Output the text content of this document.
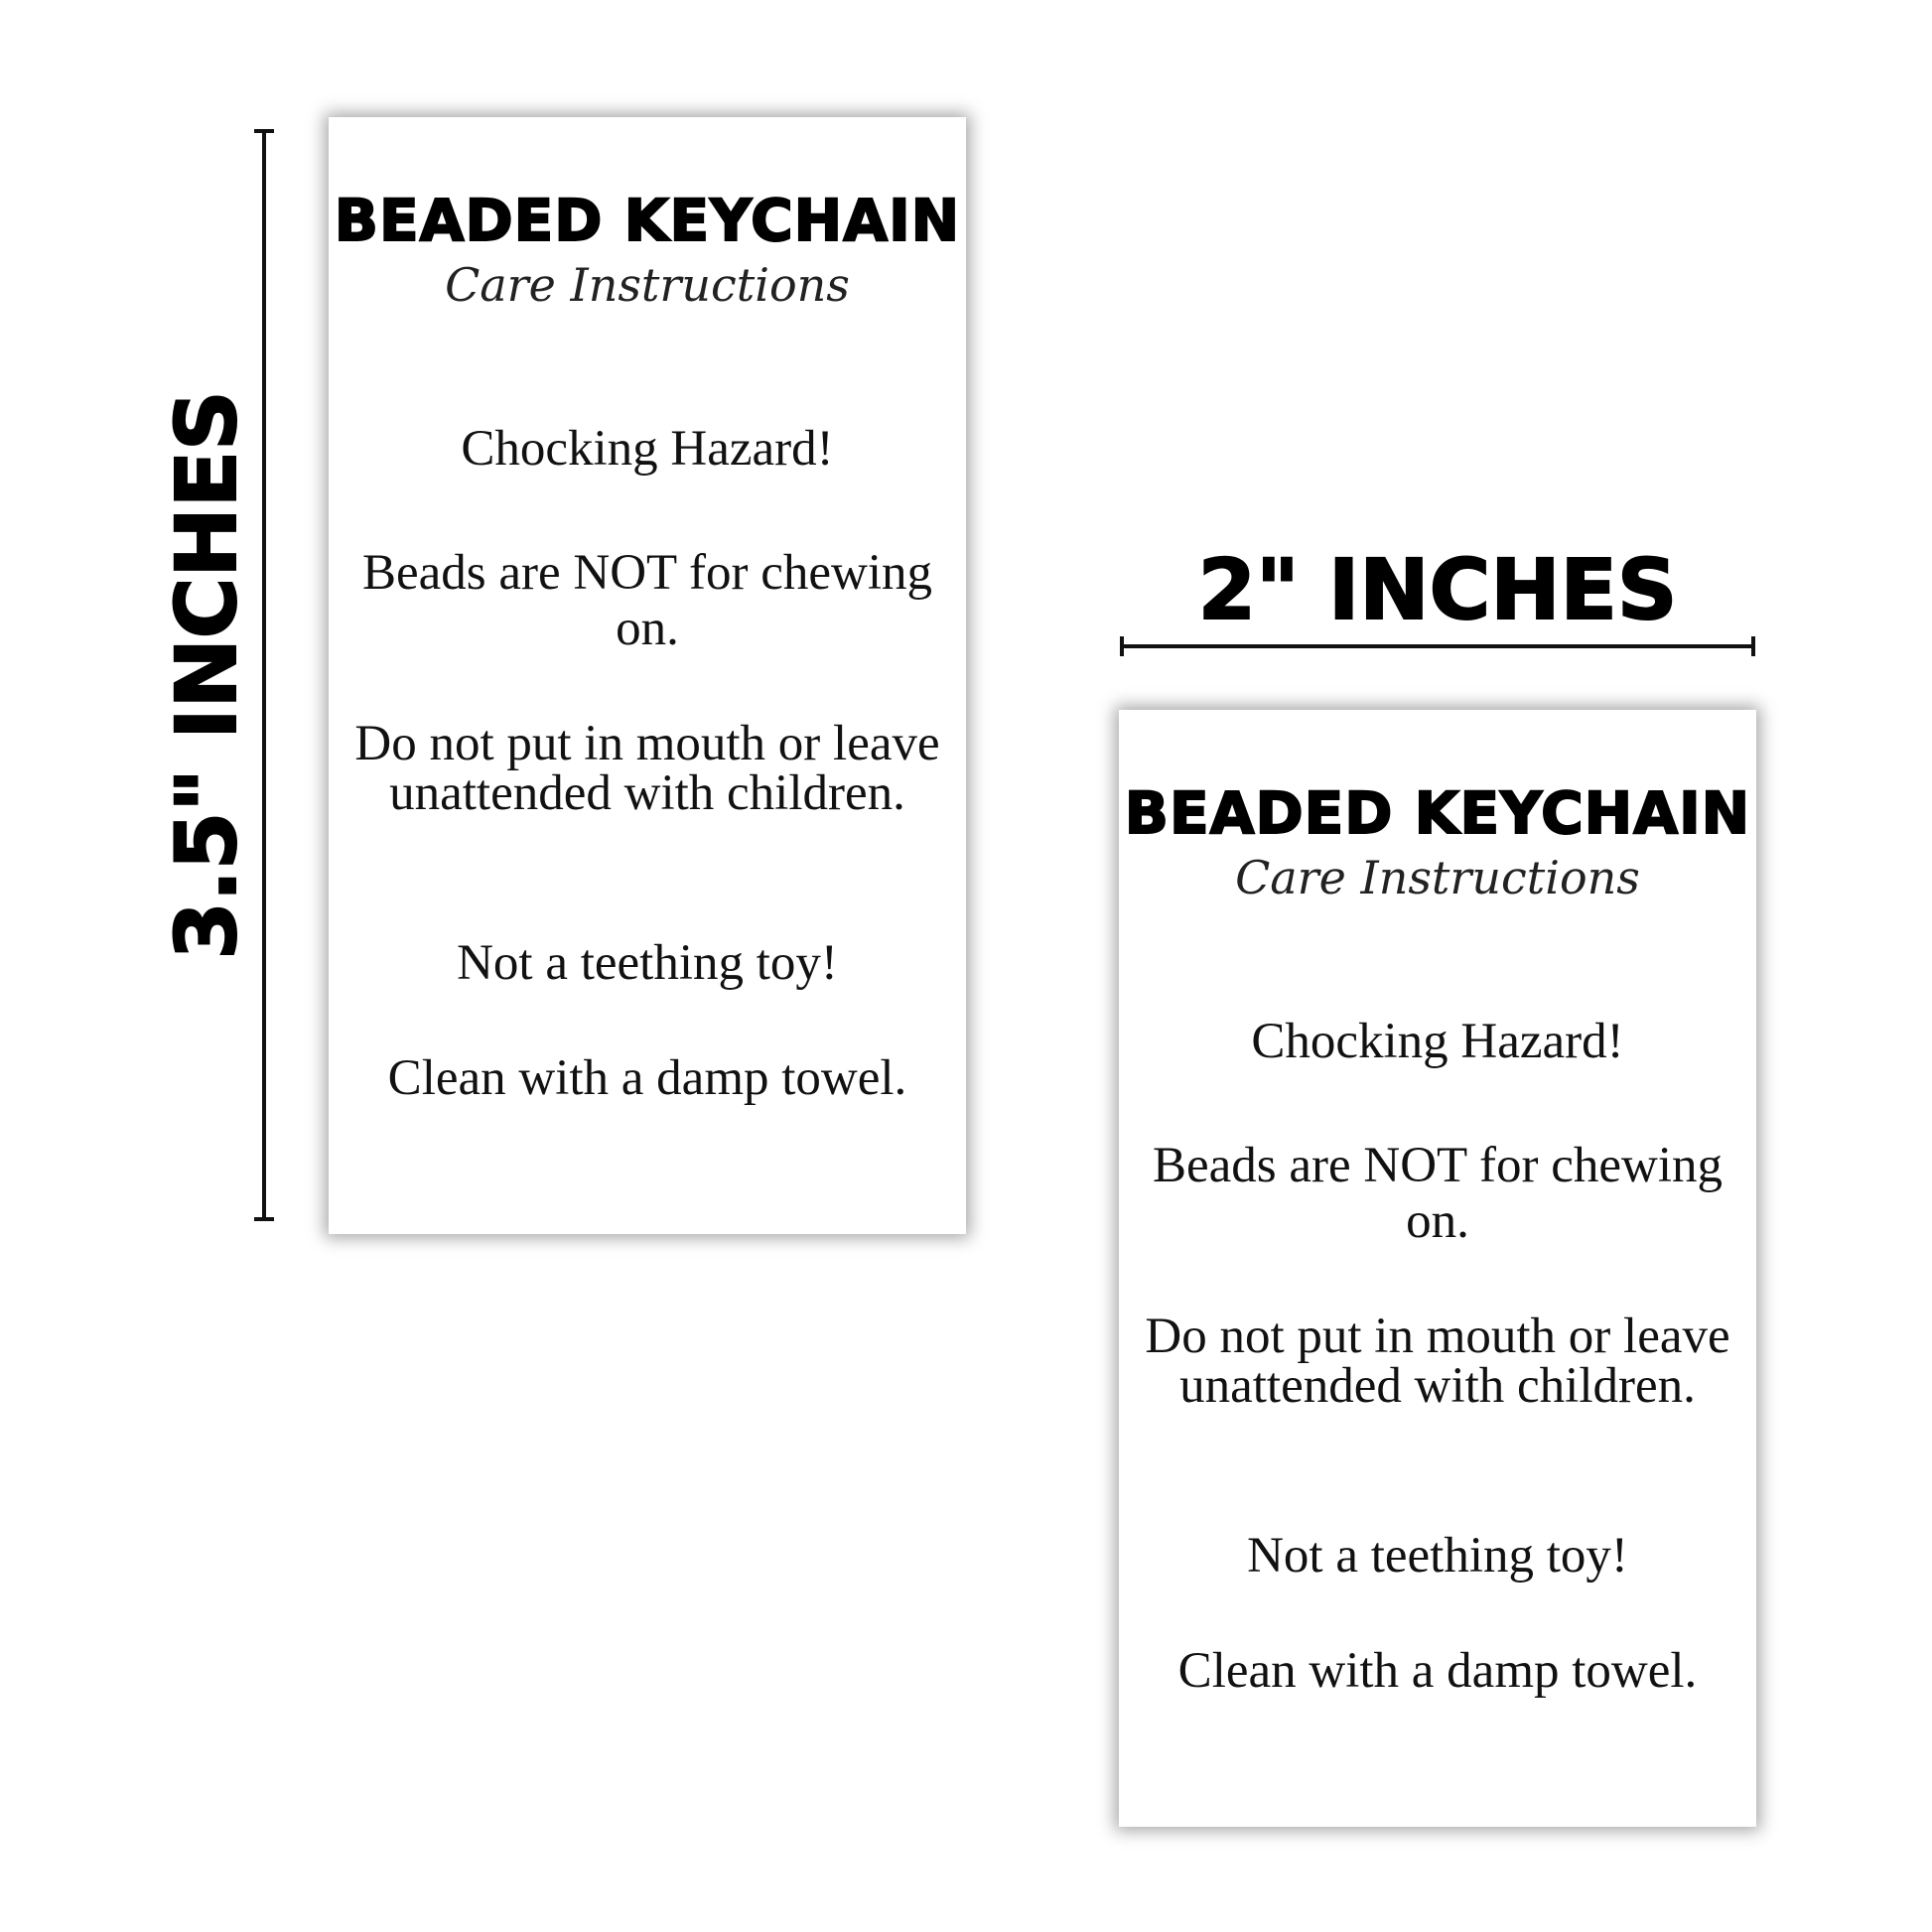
3.5" INCHES
BEADED KEYCHAIN
Care Instructions
Chocking Hazard!
Beads are NOT for chewing on.
Do not put in mouth or leave unattended with children.
Not a teething toy!
Clean with a damp towel.
2" INCHES
BEADED KEYCHAIN
Care Instructions
Chocking Hazard!
Beads are NOT for chewing on.
Do not put in mouth or leave unattended with children.
Not a teething toy!
Clean with a damp towel.
